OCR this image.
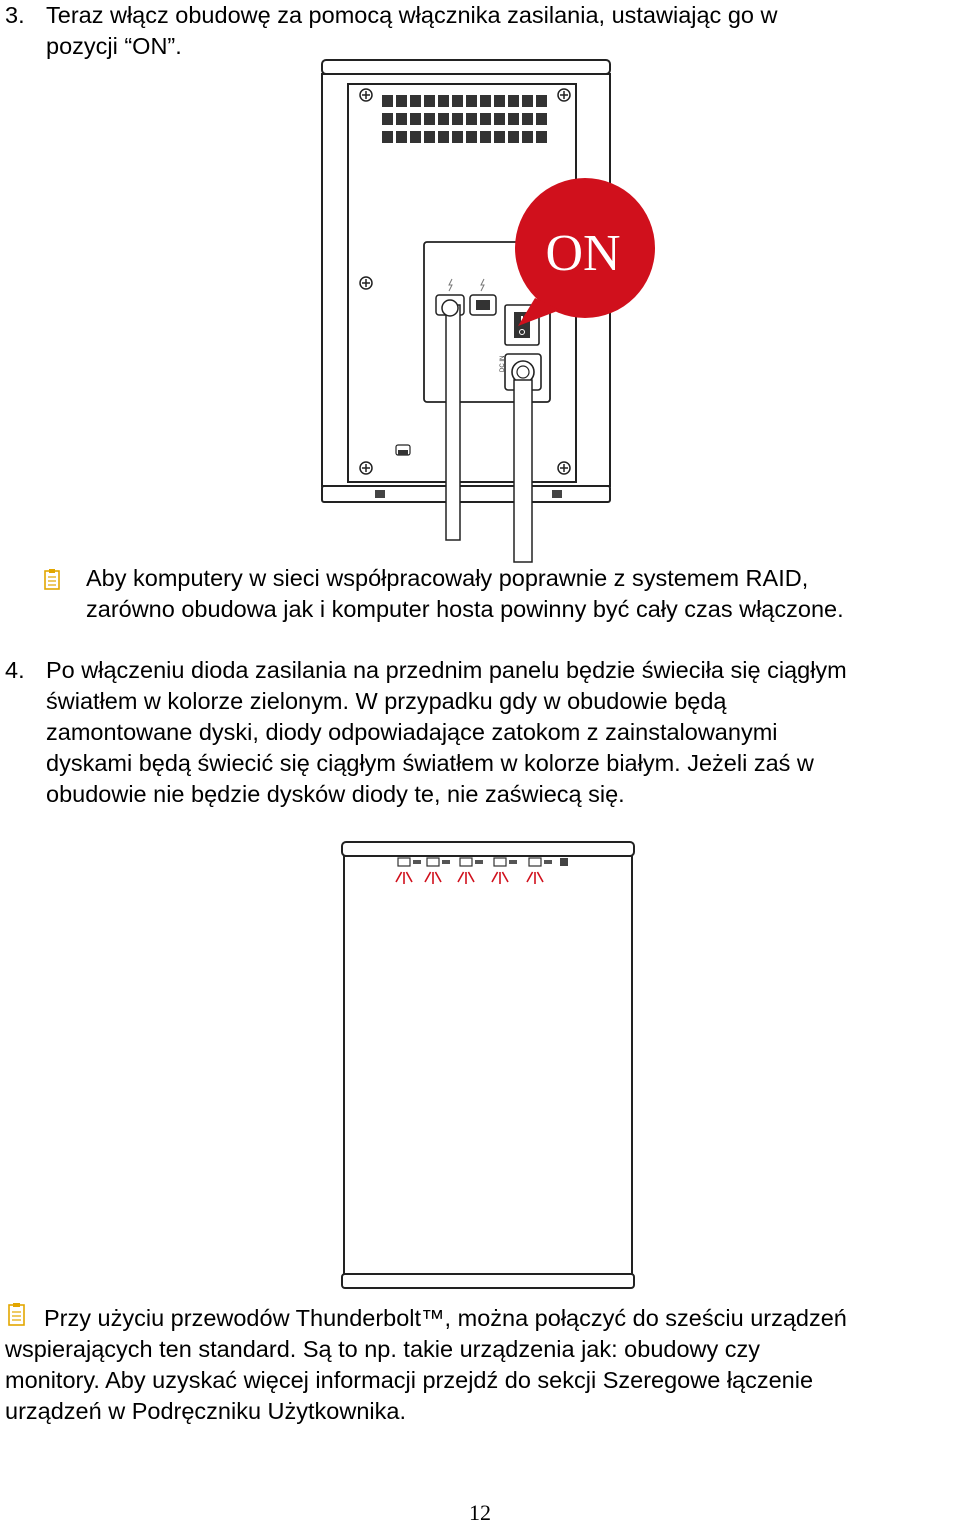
3. Teraz włącz obudowę za pomocą włącznika zasilania, ustawiając go w
pozycji “ON”.
DC IN
ON
Aby komputery w sieci współpracowały poprawnie z systemem RAID,
zarówno obudowa jak i komputer hosta powinny być cały czas włączone.
4. Po włączeniu dioda zasilania na przednim panelu będzie świeciła się ciągłym
światłem w kolorze zielonym. W przypadku gdy w obudowie będą
zamontowane dyski, diody odpowiadające zatokom z zainstalowanymi
dyskami będą świecić się ciągłym światłem w kolorze białym. Jeżeli zaś w
obudowie nie będzie dysków diody te, nie zaświecą się.
Przy użyciu przewodów Thunderbolt™, można połączyć do sześciu urządzeń
wspierających ten standard. Są to np. takie urządzenia jak: obudowy czy
monitory. Aby uzyskać więcej informacji przejdź do sekcji Szeregowe łączenie
urządzeń w Podręczniku Użytkownika.
12
